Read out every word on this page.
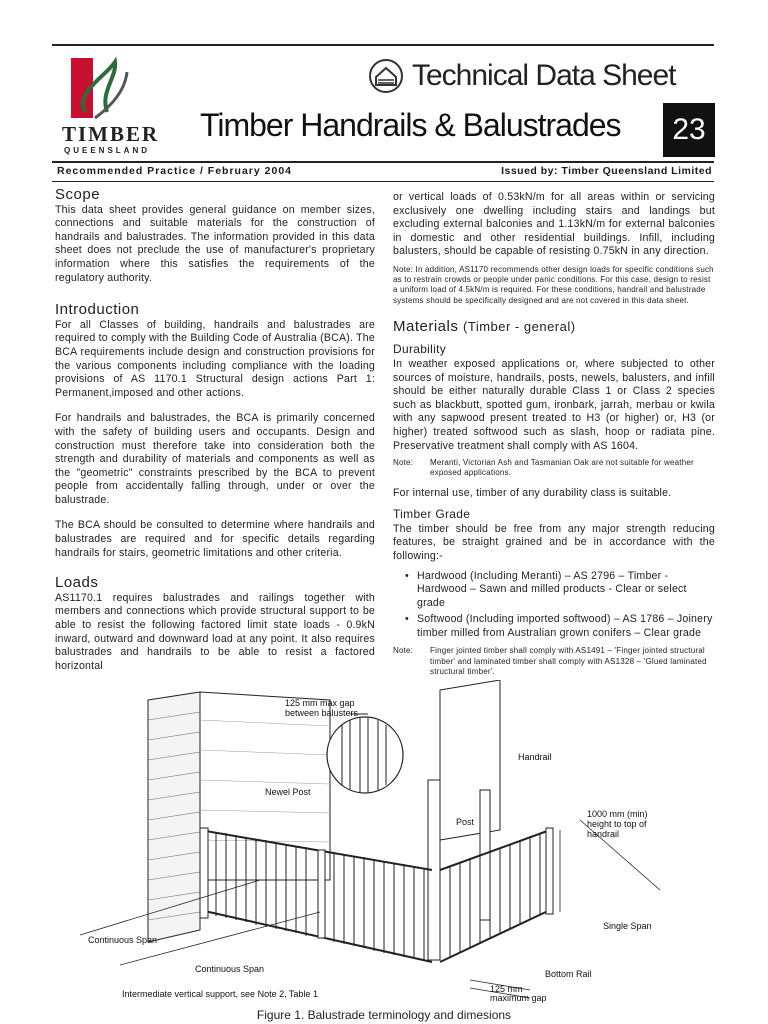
TIMBER
QUEENSLAND
Technical Data Sheet
Timber Handrails & Balustrades	23
Recommended Practice / February 2004	Issued by: Timber Queensland Limited
Scope

This data sheet provides general guidance on member sizes, connections and suitable materials for the construction of handrails and balustrades. The information provided in this data sheet does not preclude the use of manufacturer's proprietary information where this satisfies the requirements of the regulatory authority.

Introduction

For all Classes of building, handrails and balustrades are required to comply with the Building Code of Australia (BCA). The BCA requirements include design and construction provisions for the various components including compliance with the loading provisions of AS 1170.1 Structural design actions Part 1: Permanent,imposed and other actions.

For handrails and balustrades, the BCA is primarily concerned with the safety of building users and occupants. Design and construction must therefore take into consideration both the strength and durability of materials and components as well as the "geometric" constraints prescribed by the BCA to prevent people from accidentally falling through, under or over the balustrade.

The BCA should be consulted to determine where handrails and balustrades are required and for specific details regarding handrails for stairs, geometric limitations and other criteria.

Loads

AS1170.1 requires balustrades and railings together with members and connections which provide structural support to be able to resist the following factored limit state loads - 0.9kN inward, outward and downward load at any point. It also requires balustrades and handrails to be able to resist a factored horizontal

or vertical loads of 0.53kN/m for all areas within or servicing exclusively one dwelling including stairs and landings but excluding external balconies and 1.13kN/m for external balconies in domestic and other residential buildings. Infill, including balusters, should be capable of resisting 0.75kN in any direction.

Note: In addition, AS1170 recommends other design loads for specific conditions such as to restrain crowds or people under panic conditions. For this case, design to resist a uniform load of 4.5kN/m is required. For these conditions, handrail and balustrade systems should be specifically designed and are not covered in this data sheet.
Materials (Timber - general)
Durability

In weather exposed applications or, where subjected to other sources of moisture, handrails, posts, newels, balusters, and infill should be either naturally durable Class 1 or Class 2 species such as blackbutt, spotted gum, ironbark, jarrah, merbau or kwila with any sapwood present treated to H3 (or higher) or, H3 (or higher) treated softwood such as slash, hoop or radiata pine. Preservative treatment shall comply with AS 1604.

Note:	Meranti, Victorian Ash and Tasmanian Oak are not suitable for weather exposed applications.

For internal use, timber of any durability class is suitable.

Timber Grade

The timber should be free from any major strength reducing features, be straight grained and be in accordance with the following:-

• Hardwood (Including Meranti) – AS 2796 – Timber - Hardwood – Sawn and milled products - Clear or select grade
• Softwood (Including imported softwood) – AS 1786 – Joinery timber milled from Australian grown conifers – Clear grade
Note:	Finger jointed timber shall comply with AS1491 – 'Finger jointed structural timber' and laminated timber shall comply with AS1328 – 'Glued laminated structural timber'.
125 mm max gap
between balusters
Handrail
Newel Post
Post
1000 mm (min)
height to top of
handrail
Continuous Span
Continuous Span
Single Span
Bottom Rail
Intermediate vertical support, see Note 2, Table 1	125 mm
maximum gap
Figure 1. Balustrade terminology and dimesions
